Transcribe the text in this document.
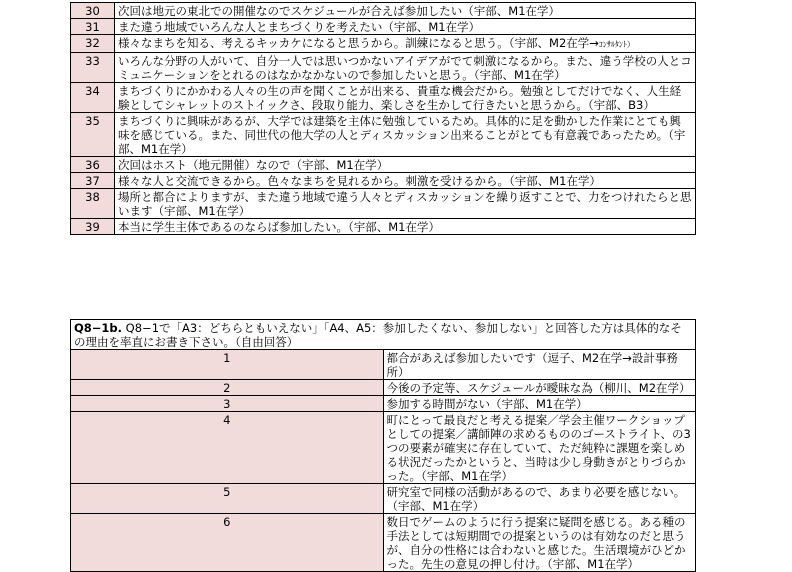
30	次回は地元の東北での開催なのでスケジュールが合えば参加したい（宇部、M1在学）
31	また違う地域でいろんな人とまちづくりを考えたい（宇部、M1在学）
32	様々なまちを知る、考えるキッカケになると思うから。訓練になると思う。（宇部、M2在学→ｺﾝｻﾙﾀﾝﾄ）
33	いろんな分野の人がいて、自分一人では思いつかないアイデアがでて刺激になるから。また、違う学校の人とコミュニケーションをとれるのはなかなかないので参加したいと思う。（宇部、M1在学）
34	まちづくりにかかわる人々の生の声を聞くことが出来る、貴重な機会だから。勉強としてだけでなく、人生経験としてシャレットのストイックさ、段取り能力、楽しさを生かして行きたいと思うから。（宇部、B3）
35	まちづくりに興味があるが、大学では建築を主体に勉強しているため。具体的に足を動かした作業にとても興味を感じている。また、同世代の他大学の人とディスカッション出来ることがとても有意義であったため。（宇部、M1在学）
36	次回はホスト（地元開催）なので（宇部、M1在学）
37	様々な人と交流できるから。色々なまちを見れるから。刺激を受けるから。（宇部、M1在学）
38	場所と都合によりますが、また違う地域で違う人々とディスカッションを繰り返すことで、力をつけれたらと思います（宇部、M1在学）
39	本当に学生主体であるのならば参加したい。（宇部、M1在学）
Q8−1b. Q8−1で「A3：どちらともいえない」「A4、A5：参加したくない、参加しない」と回答した方は具体的なその理由を率直にお書き下さい。（自由回答）	
1	都合があえば参加したいです（逗子、M2在学→設計事務所）
2	今後の予定等、スケジュールが曖昧な為（柳川、M2在学）
3	参加する時間がない（宇部、M1在学）
4	町にとって最良だと考える提案／学会主催ワークショップとしての提案／講師陣の求めるもののゴーストライト、の3つの要素が確実に存在していて、ただ純粋に課題を楽しめる状況だったかというと、当時は少し身動きがとりづらかった。（宇部、M1在学）
5	研究室で同様の活動があるので、あまり必要を感じない。（宇部、M1在学）
6	数日でゲームのように行う提案に疑問を感じる。ある種の手法としては短期間での提案というのは有効なのだと思うが、自分の性格には合わないと感じた。生活環境がひどかった。先生の意見の押し付け。（宇部、M1在学）
